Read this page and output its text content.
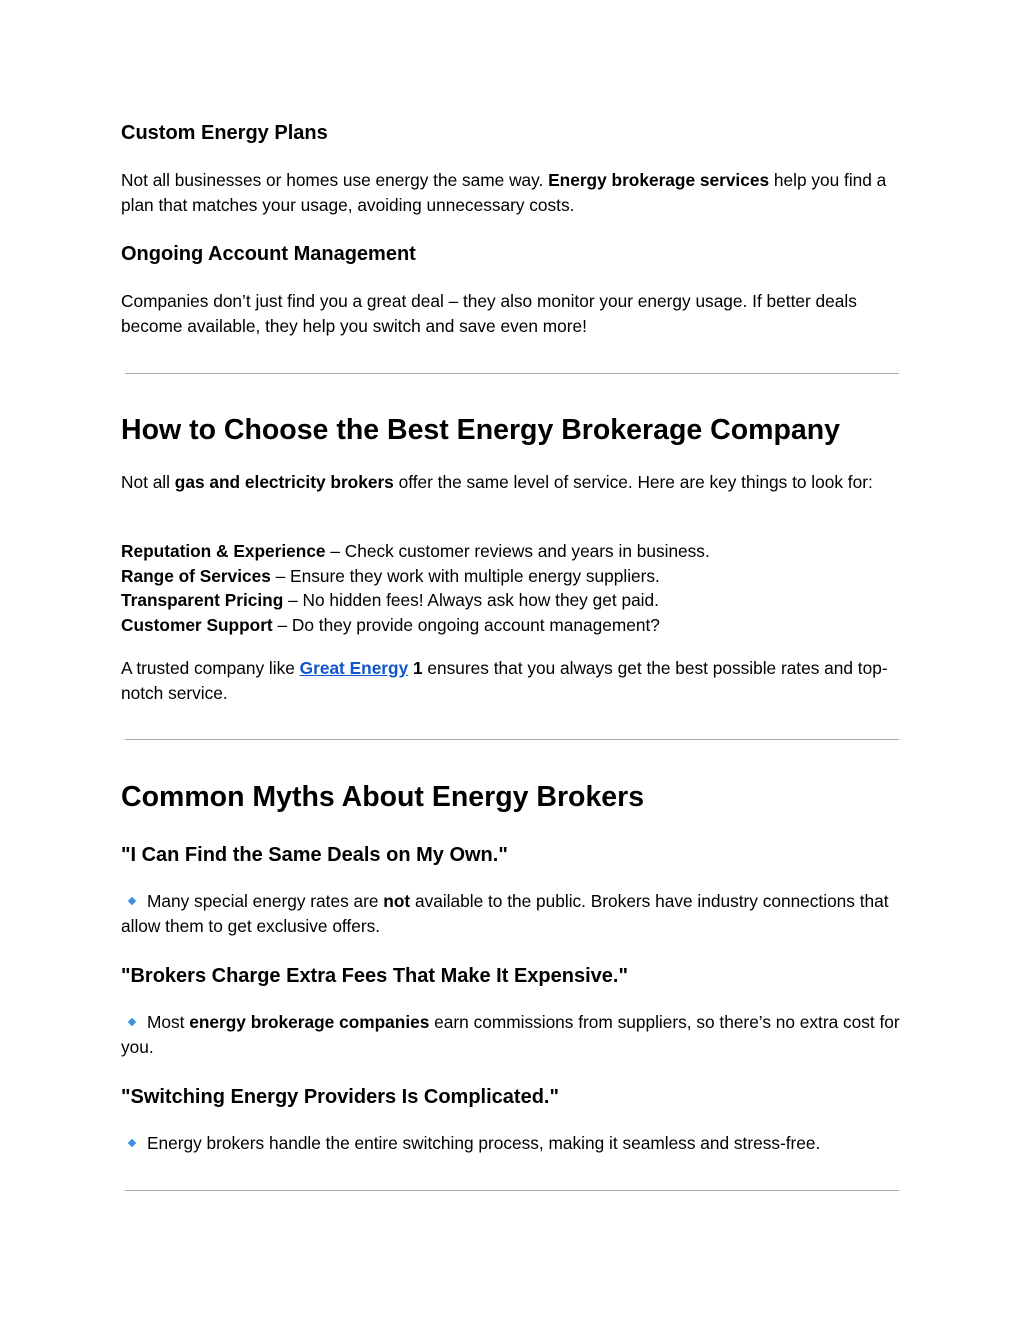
Custom Energy Plans

Not all businesses or homes use energy the same way. Energy brokerage services help you find a plan that matches your usage, avoiding unnecessary costs.

Ongoing Account Management

Companies don’t just find you a great deal – they also monitor your energy usage. If better deals become available, they help you switch and save even more!

How to Choose the Best Energy Brokerage Company

Not all gas and electricity brokers offer the same level of service. Here are key things to look for:

Reputation & Experience – Check customer reviews and years in business.
Range of Services – Ensure they work with multiple energy suppliers.
Transparent Pricing – No hidden fees! Always ask how they get paid.
Customer Support – Do they provide ongoing account management?

A trusted company like Great Energy 1 ensures that you always get the best possible rates and top-notch service.

Common Myths About Energy Brokers
"I Can Find the Same Deals on My Own."

Many special energy rates are not available to the public. Brokers have industry connections that allow them to get exclusive offers.

"Brokers Charge Extra Fees That Make It Expensive."

Most energy brokerage companies earn commissions from suppliers, so there’s no extra cost for you.

"Switching Energy Providers Is Complicated."

Energy brokers handle the entire switching process, making it seamless and stress-free.
